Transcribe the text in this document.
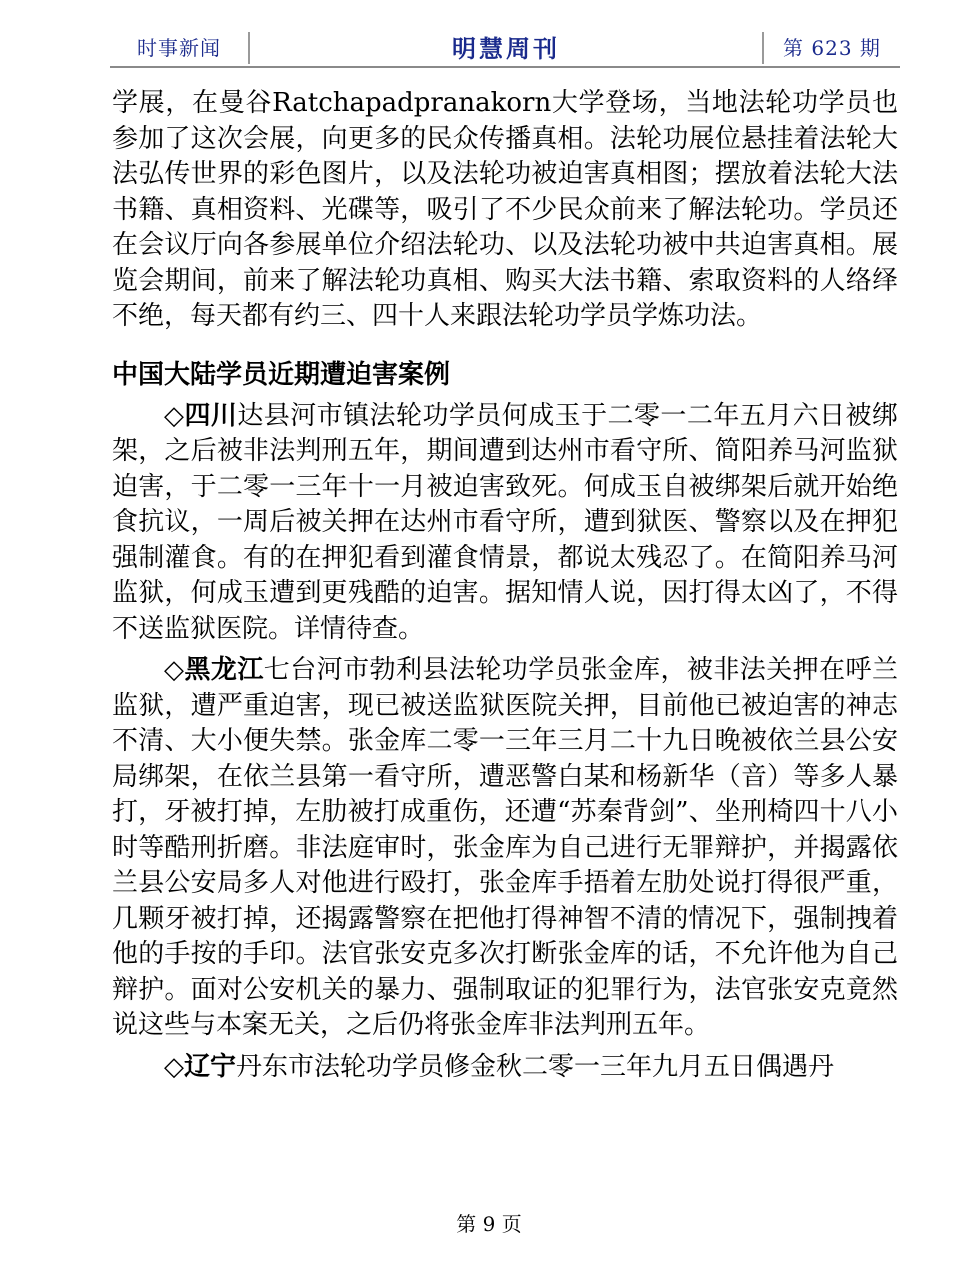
时事新闻	明慧周刊	第 623 期

学展，在曼谷Ratchapadpranakorn大学登场，当地法轮功学员也参加了这次会展，向更多的民众传播真相。法轮功展位悬挂着法轮大法弘传世界的彩色图片，以及法轮功被迫害真相图；摆放着法轮大法书籍、真相资料、光碟等，吸引了不少民众前来了解法轮功。学员还在会议厅向各参展单位介绍法轮功、以及法轮功被中共迫害真相。展览会期间，前来了解法轮功真相、购买大法书籍、索取资料的人络绎不绝，每天都有约三、四十人来跟法轮功学员学炼功法。

中国大陆学员近期遭迫害案例

◇四川达县河市镇法轮功学员何成玉于二零一二年五月六日被绑架，之后被非法判刑五年，期间遭到达州市看守所、简阳养马河监狱迫害，于二零一三年十一月被迫害致死。何成玉自被绑架后就开始绝食抗议，一周后被关押在达州市看守所，遭到狱医、警察以及在押犯强制灌食。有的在押犯看到灌食情景，都说太残忍了。在简阳养马河监狱，何成玉遭到更残酷的迫害。据知情人说，因打得太凶了，不得不送监狱医院。详情待查。

◇黑龙江七台河市勃利县法轮功学员张金库，被非法关押在呼兰监狱，遭严重迫害，现已被送监狱医院关押，目前他已被迫害的神志不清、大小便失禁。张金库二零一三年三月二十九日晚被依兰县公安局绑架，在依兰县第一看守所，遭恶警白某和杨新华（音）等多人暴打，牙被打掉，左肋被打成重伤，还遭“苏秦背剑”、坐刑椅四十八小时等酷刑折磨。非法庭审时，张金库为自己进行无罪辩护，并揭露依兰县公安局多人对他进行殴打，张金库手捂着左肋处说打得很严重，几颗牙被打掉，还揭露警察在把他打得神智不清的情况下，强制拽着他的手按的手印。法官张安克多次打断张金库的话，不允许他为自己辩护。面对公安机关的暴力、强制取证的犯罪行为，法官张安克竟然说这些与本案无关，之后仍将张金库非法判刑五年。

◇辽宁丹东市法轮功学员修金秋二零一三年九月五日偶遇丹

第 9 页
